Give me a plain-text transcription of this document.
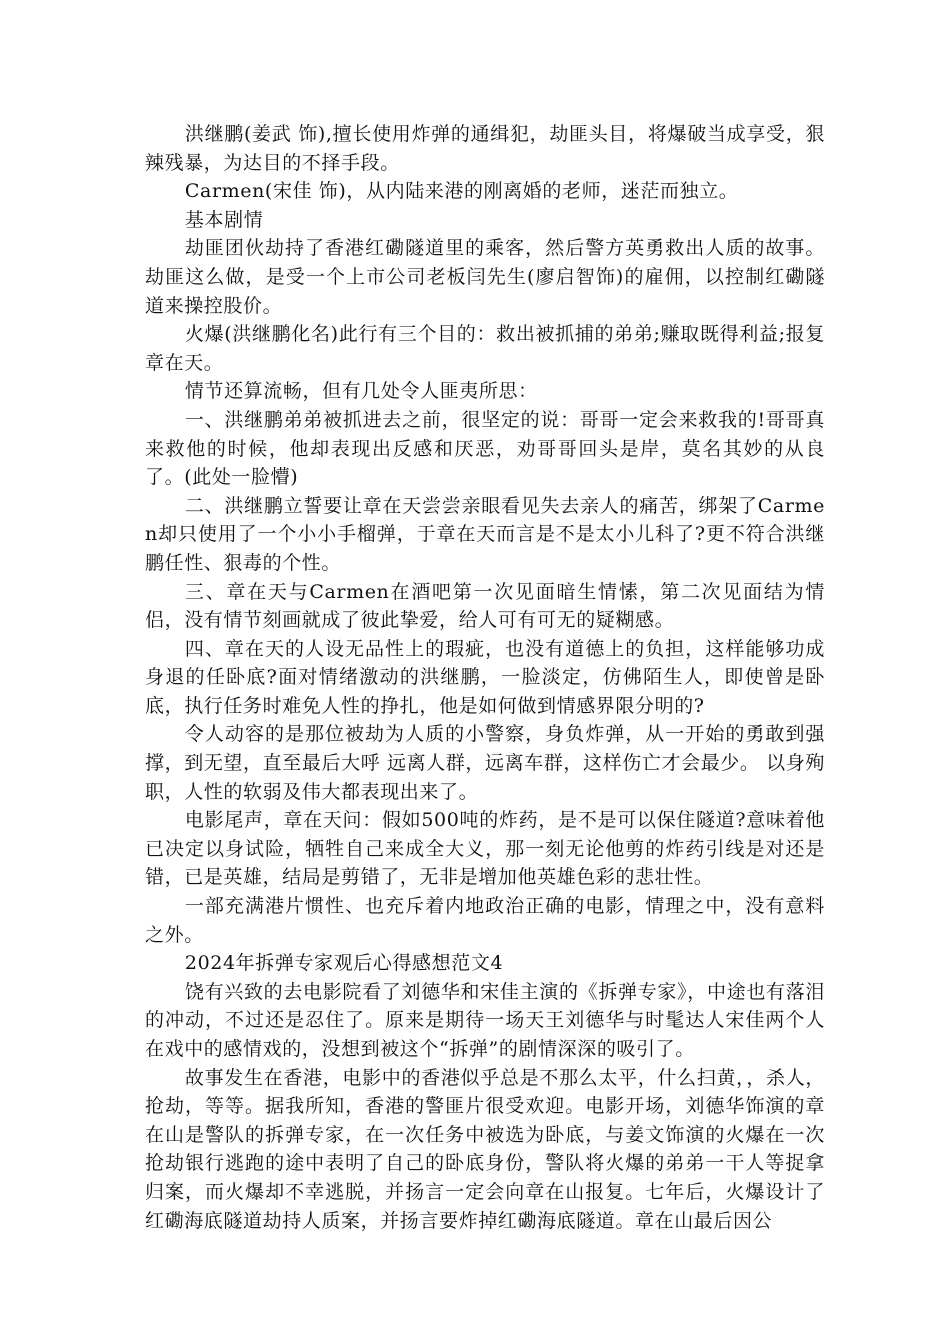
洪继鹏(姜武 饰),擅长使用炸弹的通缉犯，劫匪头目，将爆破当成享受，狠辣残暴，为达目的不择手段。

Carmen(宋佳 饰)，从内陆来港的刚离婚的老师，迷茫而独立。

基本剧情

劫匪团伙劫持了香港红磡隧道里的乘客，然后警方英勇救出人质的故事。劫匪这么做，是受一个上市公司老板闫先生(廖启智饰)的雇佣，以控制红磡隧道来操控股价。

火爆(洪继鹏化名)此行有三个目的：救出被抓捕的弟弟;赚取既得利益;报复章在天。

情节还算流畅，但有几处令人匪夷所思：

一、洪继鹏弟弟被抓进去之前，很坚定的说：哥哥一定会来救我的!哥哥真来救他的时候，他却表现出反感和厌恶，劝哥哥回头是岸，莫名其妙的从良了。(此处一脸懵)

二、洪继鹏立誓要让章在天尝尝亲眼看见失去亲人的痛苦，绑架了Carmen却只使用了一个小小手榴弹，于章在天而言是不是太小儿科了?更不符合洪继鹏任性、狠毒的个性。

三、章在天与Carmen在酒吧第一次见面暗生情愫，第二次见面结为情侣，没有情节刻画就成了彼此挚爱，给人可有可无的疑糊感。

四、章在天的人设无品性上的瑕疵，也没有道德上的负担，这样能够功成身退的任卧底?面对情绪激动的洪继鹏，一脸淡定，仿佛陌生人，即使曾是卧底，执行任务时难免人性的挣扎，他是如何做到情感界限分明的?

令人动容的是那位被劫为人质的小警察，身负炸弹，从一开始的勇敢到强撑，到无望，直至最后大呼 远离人群，远离车群，这样伤亡才会最少。 以身殉职，人性的软弱及伟大都表现出来了。

电影尾声，章在天问：假如500吨的炸药，是不是可以保住隧道?意味着他已决定以身试险，牺牲自己来成全大义，那一刻无论他剪的炸药引线是对还是错，已是英雄，结局是剪错了，无非是增加他英雄色彩的悲壮性。

一部充满港片惯性、也充斥着内地政治正确的电影，情理之中，没有意料之外。

2024年拆弹专家观后心得感想范文4

饶有兴致的去电影院看了刘德华和宋佳主演的《拆弹专家》，中途也有落泪的冲动，不过还是忍住了。原来是期待一场天王刘德华与时髦达人宋佳两个人在戏中的感情戏的，没想到被这个“拆弹”的剧情深深的吸引了。

故事发生在香港，电影中的香港似乎总是不那么太平，什么扫黄，，杀人，抢劫，等等。据我所知，香港的警匪片很受欢迎。电影开场，刘德华饰演的章在山是警队的拆弹专家，在一次任务中被选为卧底，与姜文饰演的火爆在一次抢劫银行逃跑的途中表明了自己的卧底身份，警队将火爆的弟弟一干人等捉拿归案，而火爆却不幸逃脱，并扬言一定会向章在山报复。七年后，火爆设计了红磡海底隧道劫持人质案，并扬言要炸掉红磡海底隧道。章在山最后因公
